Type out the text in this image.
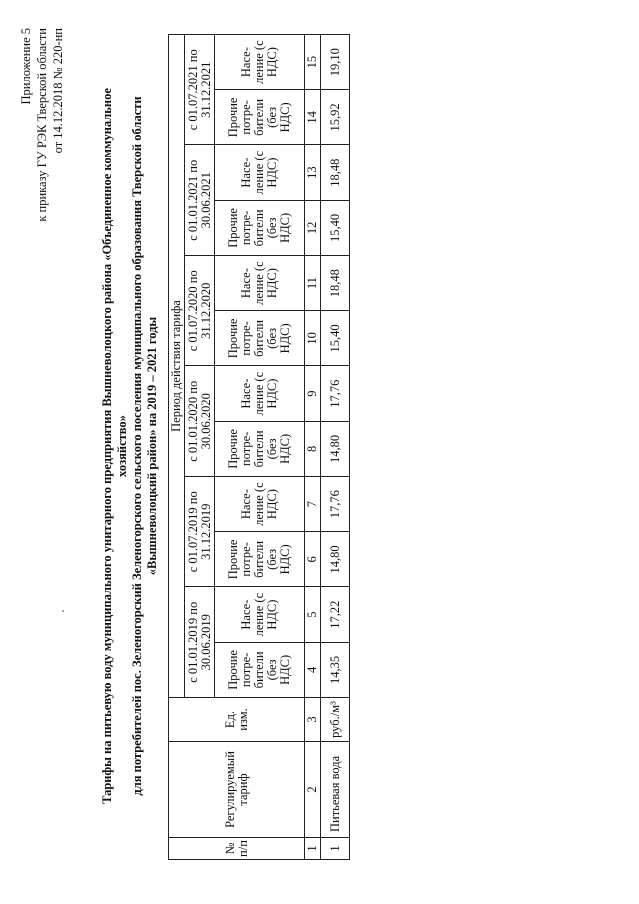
Приложение 5 к приказу ГУ РЭК Тверской области от 14.12.2018 № 220-нп	Тарифы на питьевую воду муниципального унитарного предприятия Вышневолоцкого района «Объединенное коммунальное хозяйство» для потребителей пос. Зеленогорский Зеленогорского сельского поселения муниципального образования Тверской области «Вышневолоцкий район» на 2019 – 2021 годы
№ п/п	Регулируемый тариф	Ед. изм.	Период действия тарифа											
			с 01.01.2019 по 30.06.2019		с 01.07.2019 по 31.12.2019		с 01.01.2020 по 30.06.2020		с 01.07.2020 по 31.12.2020		с 01.01.2021 по 30.06.2021		с 01.07.2021 по 31.12.2021	
			Прочие потре-бители (без НДС)	Насе-ление (с НДС)	Прочие потре-бители (без НДС)	Насе-ление (с НДС)	Прочие потре-бители (без НДС)	Насе-ление (с НДС)	Прочие потре-бители (без НДС)	Насе-ление (с НДС)	Прочие потре-бители (без НДС)	Насе-ление (с НДС)	Прочие потре-бители (без НДС)	Насе-ление (с НДС)
1	2	3	4	5	6	7	8	9	10	11	12	13	14	15
1	Питьевая вода	руб./м³	14,35	17,22	14,80	17,76	14,80	17,76	15,40	18,48	15,40	18,48	15,92	19,10
